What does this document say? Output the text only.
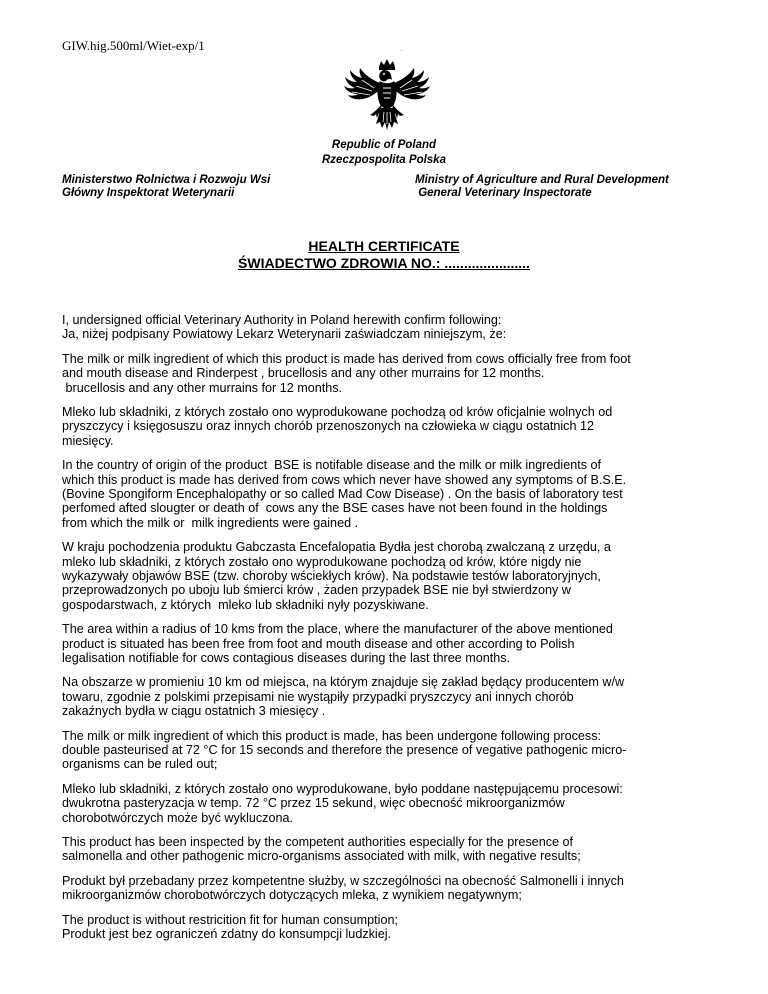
GIW.hig.500ml/Wiet-exp/1	·
Republic of Poland
Rzeczpospolita Polska
Ministerstwo Rolnictwa i Rozwoju Wsi
Główny Inspektorat Weterynarii
Ministry of Agriculture and Rural Development
General Veterinary Inspectorate
HEALTH CERTIFICATE
ŚWIADECTWO ZDROWIA NO.: ......................
I, undersigned official Veterinary Authority in Poland herewith confirm following:
Ja, niżej podpisany Powiatowy Lekarz Weterynarii zaświadczam niniejszym, że:
The milk or milk ingredient of which this product is made has derived from cows officially free from foot
and mouth disease and Rinderpest , brucellosis and any other murrains for 12 months.
brucellosis and any other murrains for 12 months.
Mleko lub składniki, z których zostało ono wyprodukowane pochodzą od krów oficjalnie wolnych od
pryszczycy i księgosuszu oraz innych chorób przenoszonych na człowieka w ciągu ostatnich 12
miesięcy.
In the country of origin of the product  BSE is notifable disease and the milk or milk ingredients of
which this product is made has derived from cows which never have showed any symptoms of B.S.E.
(Bovine Spongiform Encephalopathy or so called Mad Cow Disease) . On the basis of laboratory test
perfomed afted slougter or death of  cows any the BSE cases have not been found in the holdings
from which the milk or  milk ingredients were gained .
W kraju pochodzenia produktu Gabczasta Encefalopatia Bydła jest chorobą zwalczaną z urzędu, a
mleko lub składniki, z których zostało ono wyprodukowane pochodzą od krów, które nigdy nie
wykazywały objawów BSE (tzw. choroby wściekłych krów). Na podstawie testów laboratoryjnych,
przeprowadzonych po uboju lub śmierci krów , żaden przypadek BSE nie był stwierdzony w
gospodarstwach, z których  mleko lub składniki nyły pozyskiwane.
The area within a radius of 10 kms from the place, where the manufacturer of the above mentioned
product is situated has been free from foot and mouth disease and other according to Polish
legalisation notifiable for cows contagious diseases during the last three months.
Na obszarze w promieniu 10 km od miejsca, na którym znajduje się zakład będący producentem w/w
towaru, zgodnie z polskimi przepisami nie wystąpiły przypadki pryszczycy ani innych chorób
zakaźnych bydła w ciągu ostatnich 3 miesięcy .
The milk or milk ingredient of which this product is made, has been undergone following process:
double pasteurised at 72 °C for 15 seconds and therefore the presence of vegative pathogenic micro-
organisms can be ruled out;
Mleko lub składniki, z których zostało ono wyprodukowane, było poddane następującemu procesowi:
dwukrotna pasteryzacja w temp. 72 °C przez 15 sekund, więc obecność mikroorganizmów
chorobotwórczych może być wykluczona.
This product has been inspected by the competent authorities especially for the presence of
salmonella and other pathogenic micro-organisms associated with milk, with negative results;
Produkt był przebadany przez kompetentne służby, w szczególności na obecność Salmonelli i innych
mikroorganizmów chorobotwórczych dotyczących mleka, z wynikiem negatywnym;
The product is without restricition fit for human consumption;
Produkt jest bez ograniczeń zdatny do konsumpcji ludzkiej.
